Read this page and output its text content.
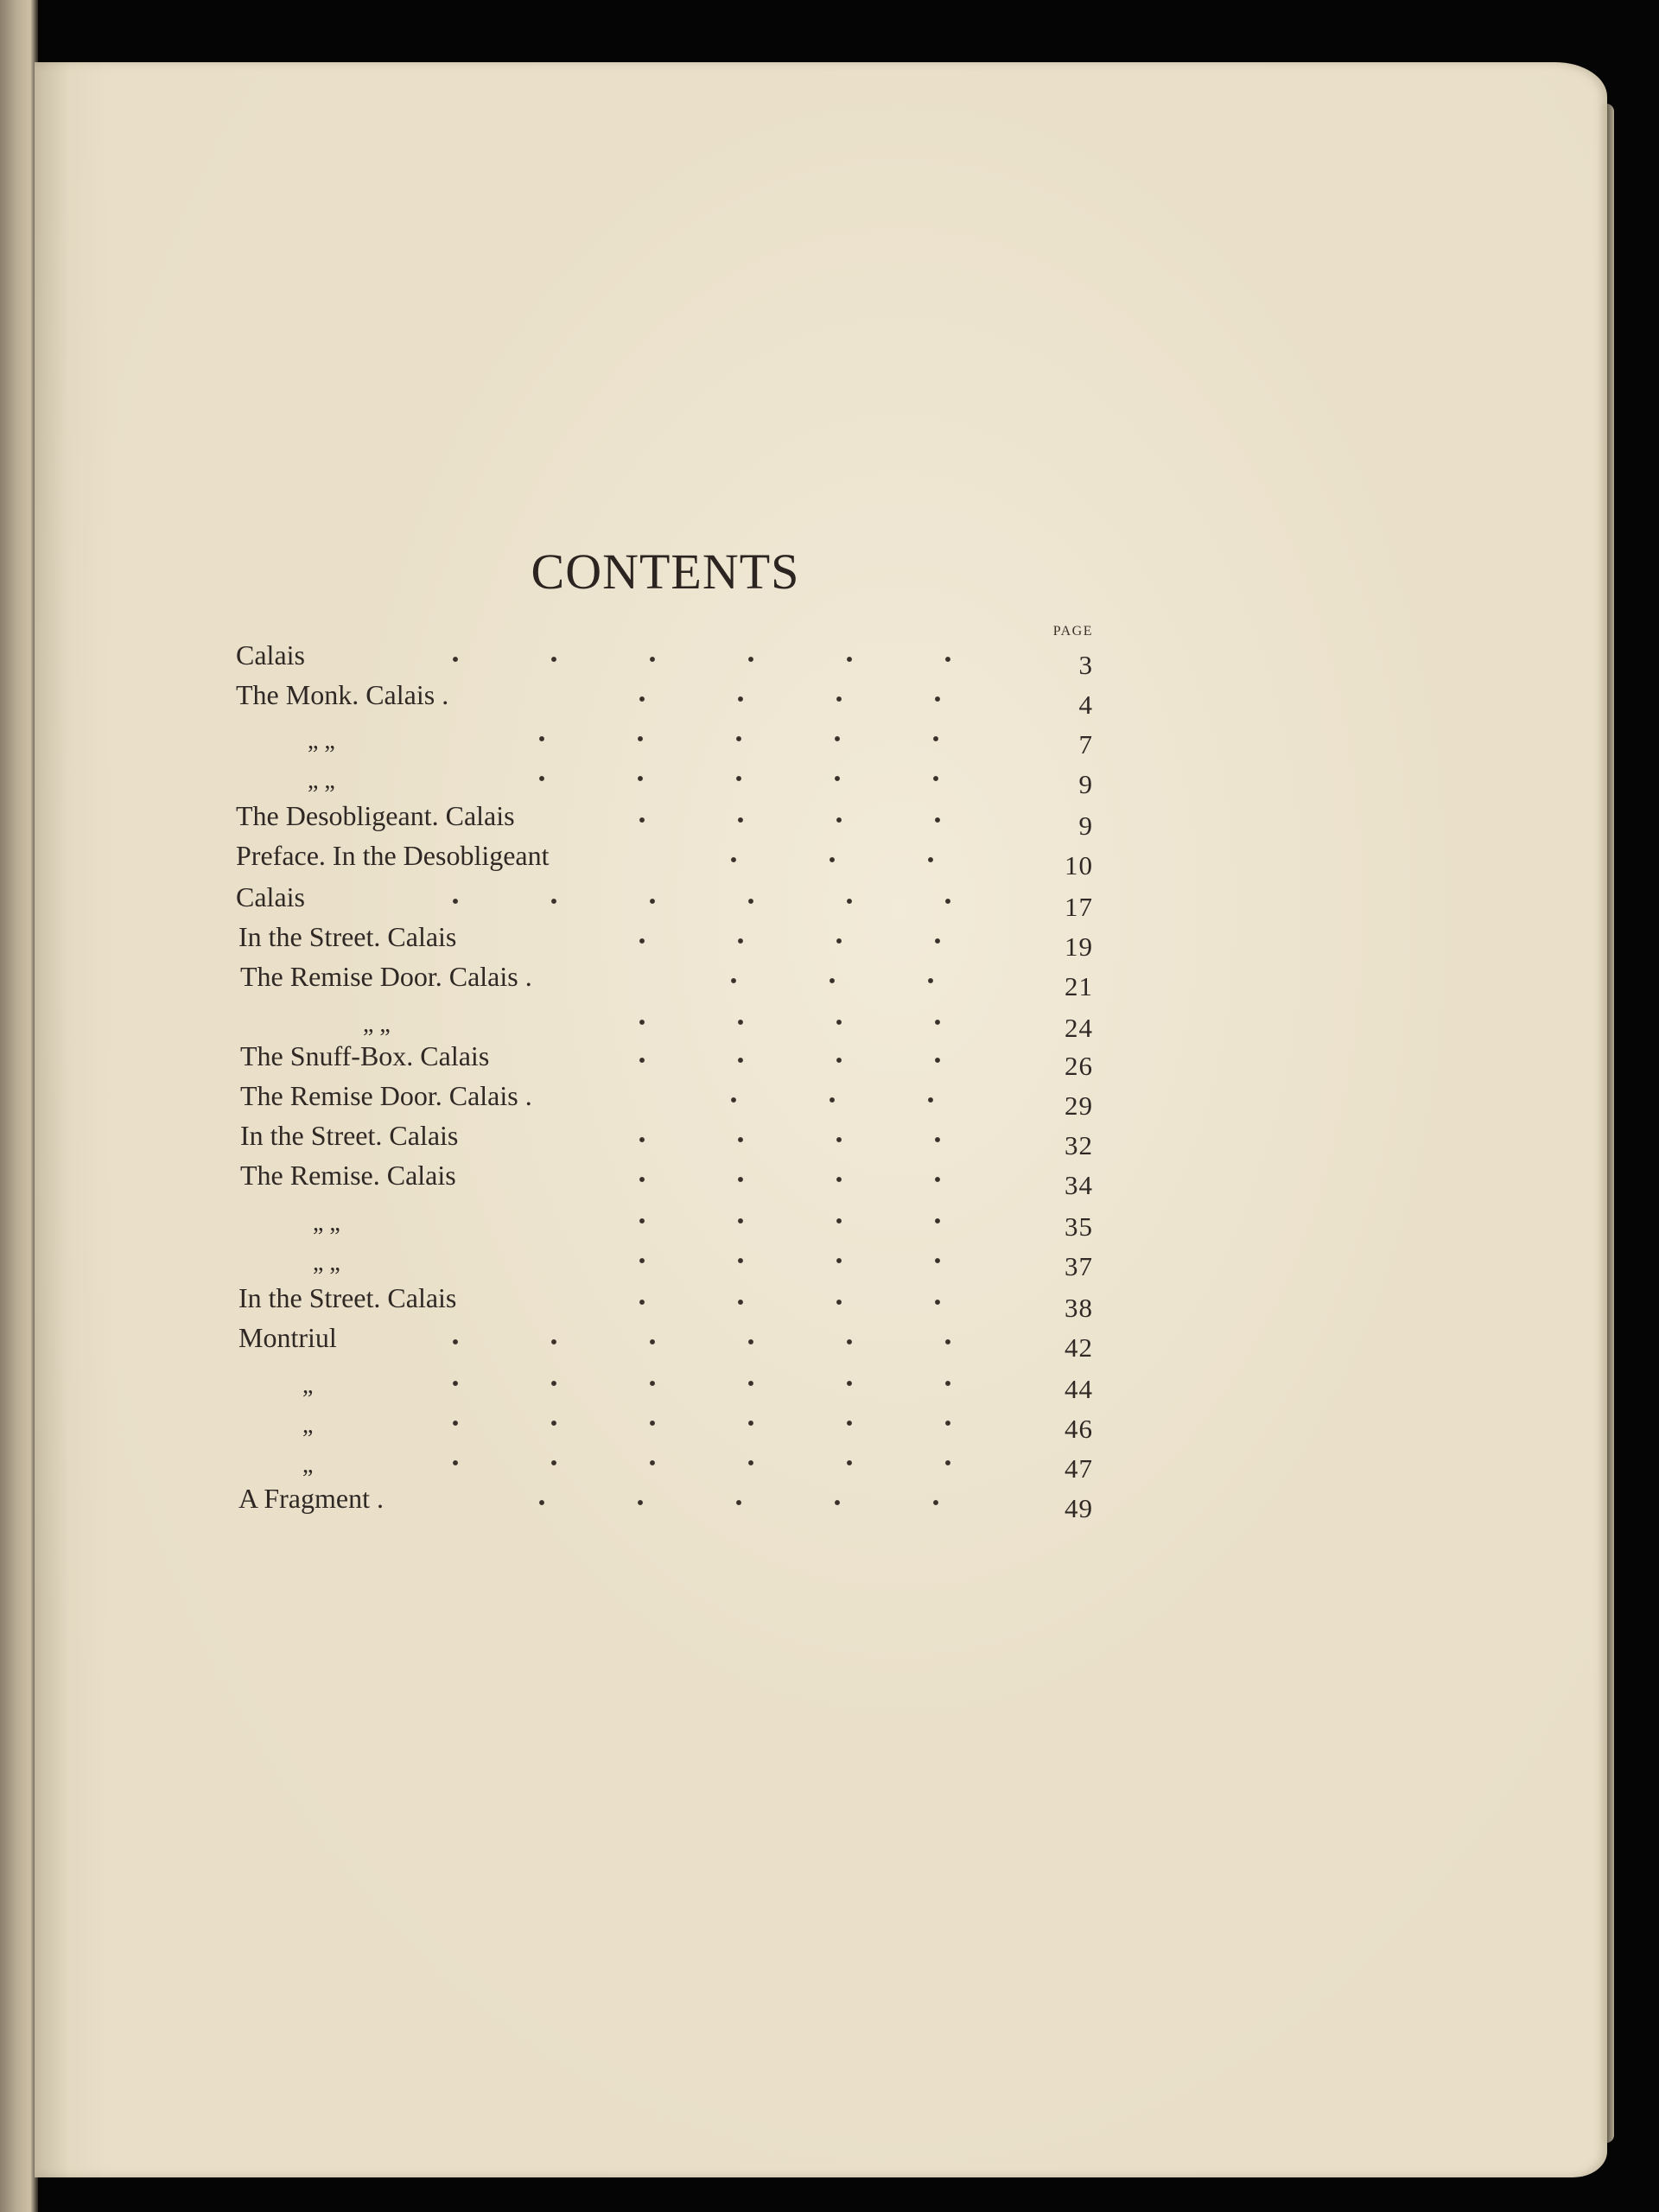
CONTENTS
PAGE
Calais	3
The Monk. Calais .	4
„ „	7
„ „	9
The Desobligeant. Calais	9
Preface. In the Desobligeant	10
Calais	17
In the Street. Calais	19
The Remise Door. Calais .	21
„ „	24
The Snuff-Box. Calais	26
The Remise Door. Calais .	29
In the Street. Calais	32
The Remise. Calais	34
„ „	35
„ „	37
In the Street. Calais	38
Montriul	42
„	44
„	46
„	47
A Fragment .	49
